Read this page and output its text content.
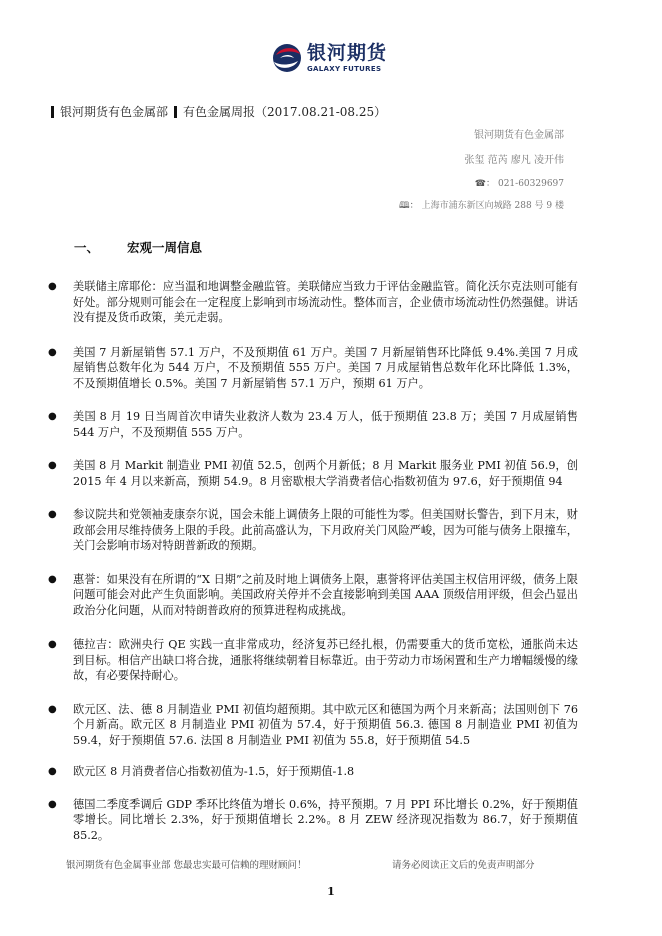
银河期货
GALAXY FUTURES
银河期货有色金属部 有色金属周报（2017.08.21-08.25）
银河期货有色金属部
张玺 范芮 廖凡 凌开伟
☎： 021-60329697
🕮： 上海市浦东新区向城路 288 号 9 楼
一、 宏观一周信息
● 美联储主席耶伦：应当温和地调整金融监管。美联储应当致力于评估金融监管。简化沃尔克法则可能有好处。部分规则可能会在一定程度上影响到市场流动性。整体而言，企业债市场流动性仍然强健。讲话没有提及货币政策，美元走弱。
● 美国 7 月新屋销售 57.1 万户，不及预期值 61 万户。美国 7 月新屋销售环比降低 9.4%.美国 7 月成屋销售总数年化为 544 万户，不及预期值 555 万户。美国 7 月成屋销售总数年化环比降低 1.3%，不及预期值增长 0.5%。美国 7 月新屋销售 57.1 万户，预期 61 万户。
● 美国 8 月 19 日当周首次申请失业救济人数为 23.4 万人，低于预期值 23.8 万；美国 7 月成屋销售 544 万户，不及预期值 555 万户。
● 美国 8 月 Markit 制造业 PMI 初值 52.5，创两个月新低；8 月 Markit 服务业 PMI 初值 56.9，创 2015 年 4 月以来新高，预期 54.9。8 月密歇根大学消费者信心指数初值为 97.6，好于预期值 94
● 参议院共和党领袖麦康奈尔说，国会未能上调债务上限的可能性为零。但美国财长警告，到下月末，财政部会用尽维持债务上限的手段。此前高盛认为，下月政府关门风险严峻，因为可能与债务上限撞车，关门会影响市场对特朗普新政的预期。
● 惠誉：如果没有在所谓的“X 日期”之前及时地上调债务上限，惠誉将评估美国主权信用评级，债务上限问题可能会对此产生负面影响。美国政府关停并不会直接影响到美国 AAA 顶级信用评级，但会凸显出政治分化问题，从而对特朗普政府的预算进程构成挑战。
● 德拉吉：欧洲央行 QE 实践一直非常成功，经济复苏已经扎根，仍需要重大的货币宽松，通胀尚未达到目标。相信产出缺口将合拢，通胀将继续朝着目标靠近。由于劳动力市场闲置和生产力增幅缓慢的缘故，有必要保持耐心。
● 欧元区、法、德 8 月制造业 PMI 初值均超预期。其中欧元区和德国为两个月来新高；法国则创下 76 个月新高。欧元区 8 月制造业 PMI 初值为 57.4，好于预期值 56.3. 德国 8 月制造业 PMI 初值为 59.4，好于预期值 57.6. 法国 8 月制造业 PMI 初值为 55.8，好于预期值 54.5
● 欧元区 8 月消费者信心指数初值为-1.5，好于预期值-1.8
● 德国二季度季调后 GDP 季环比终值为增长 0.6%，持平预期。7 月 PPI 环比增长 0.2%，好于预期值零增长。同比增长 2.3%，好于预期值增长 2.2%。8 月 ZEW 经济现况指数为 86.7，好于预期值 85.2。
银河期货有色金属事业部 您最忠实最可信赖的理财顾问！	请务必阅读正文后的免责声明部分
1
